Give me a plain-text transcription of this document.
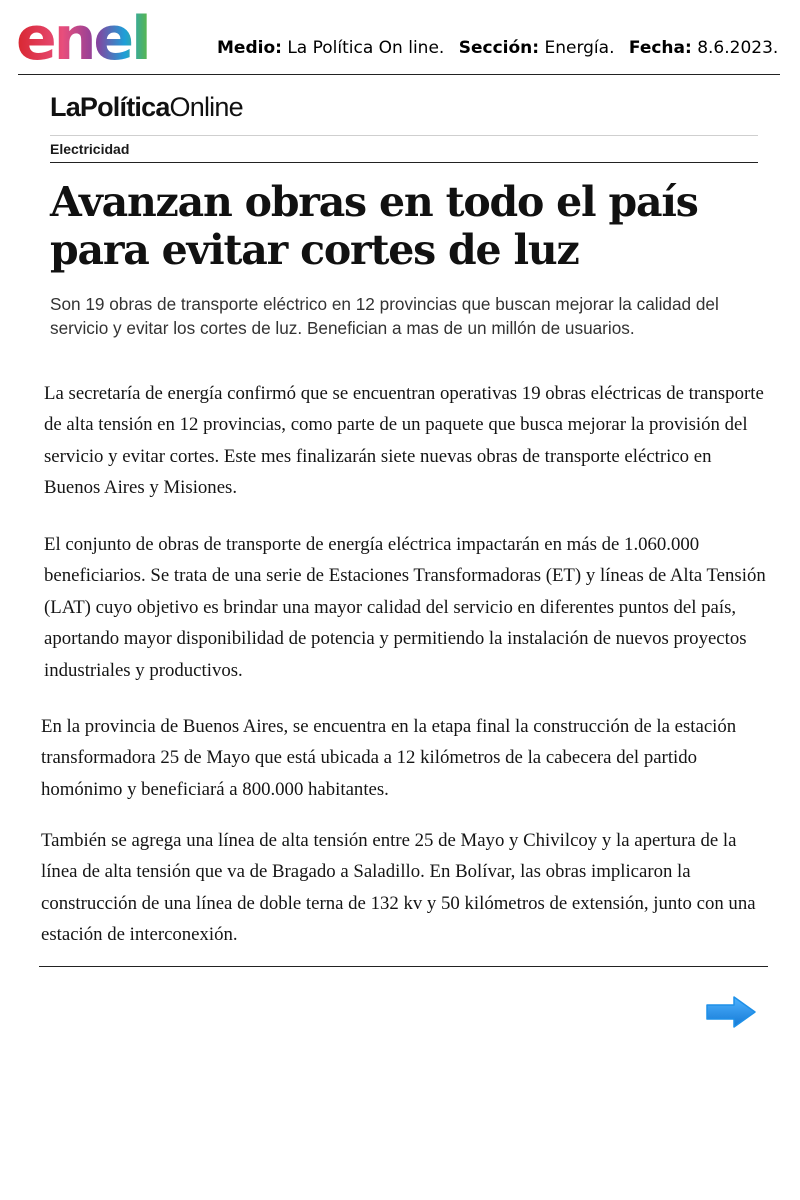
enel	Medio: La Política On line. Sección: Energía. Fecha: 8.6.2023.
LaPolíticaOnline
Electricidad
Avanzan obras en todo el país para evitar cortes de luz

Son 19 obras de transporte eléctrico en 12 provincias que buscan mejorar la calidad del servicio y evitar los cortes de luz. Benefician a mas de un millón de usuarios.

La secretaría de energía confirmó que se encuentran operativas 19 obras eléctricas de transporte de alta tensión en 12 provincias, como parte de un paquete que busca mejorar la provisión del servicio y evitar cortes. Este mes finalizarán siete nuevas obras de transporte eléctrico en Buenos Aires y Misiones.

El conjunto de obras de transporte de energía eléctrica impactarán en más de 1.060.000 beneficiarios. Se trata de una serie de Estaciones Transformadoras (ET) y líneas de Alta Tensión (LAT) cuyo objetivo es brindar una mayor calidad del servicio en diferentes puntos del país, aportando mayor disponibilidad de potencia y permitiendo la instalación de nuevos proyectos industriales y productivos.

En la provincia de Buenos Aires, se encuentra en la etapa final la construcción de la estación transformadora 25 de Mayo que está ubicada a 12 kilómetros de la cabecera del partido homónimo y beneficiará a 800.000 habitantes.

También se agrega una línea de alta tensión entre 25 de Mayo y Chivilcoy y la apertura de la línea de alta tensión que va de Bragado a Saladillo. En Bolívar, las obras implicaron la construcción de una línea de doble terna de 132 kv y 50 kilómetros de extensión, junto con una estación de interconexión.
